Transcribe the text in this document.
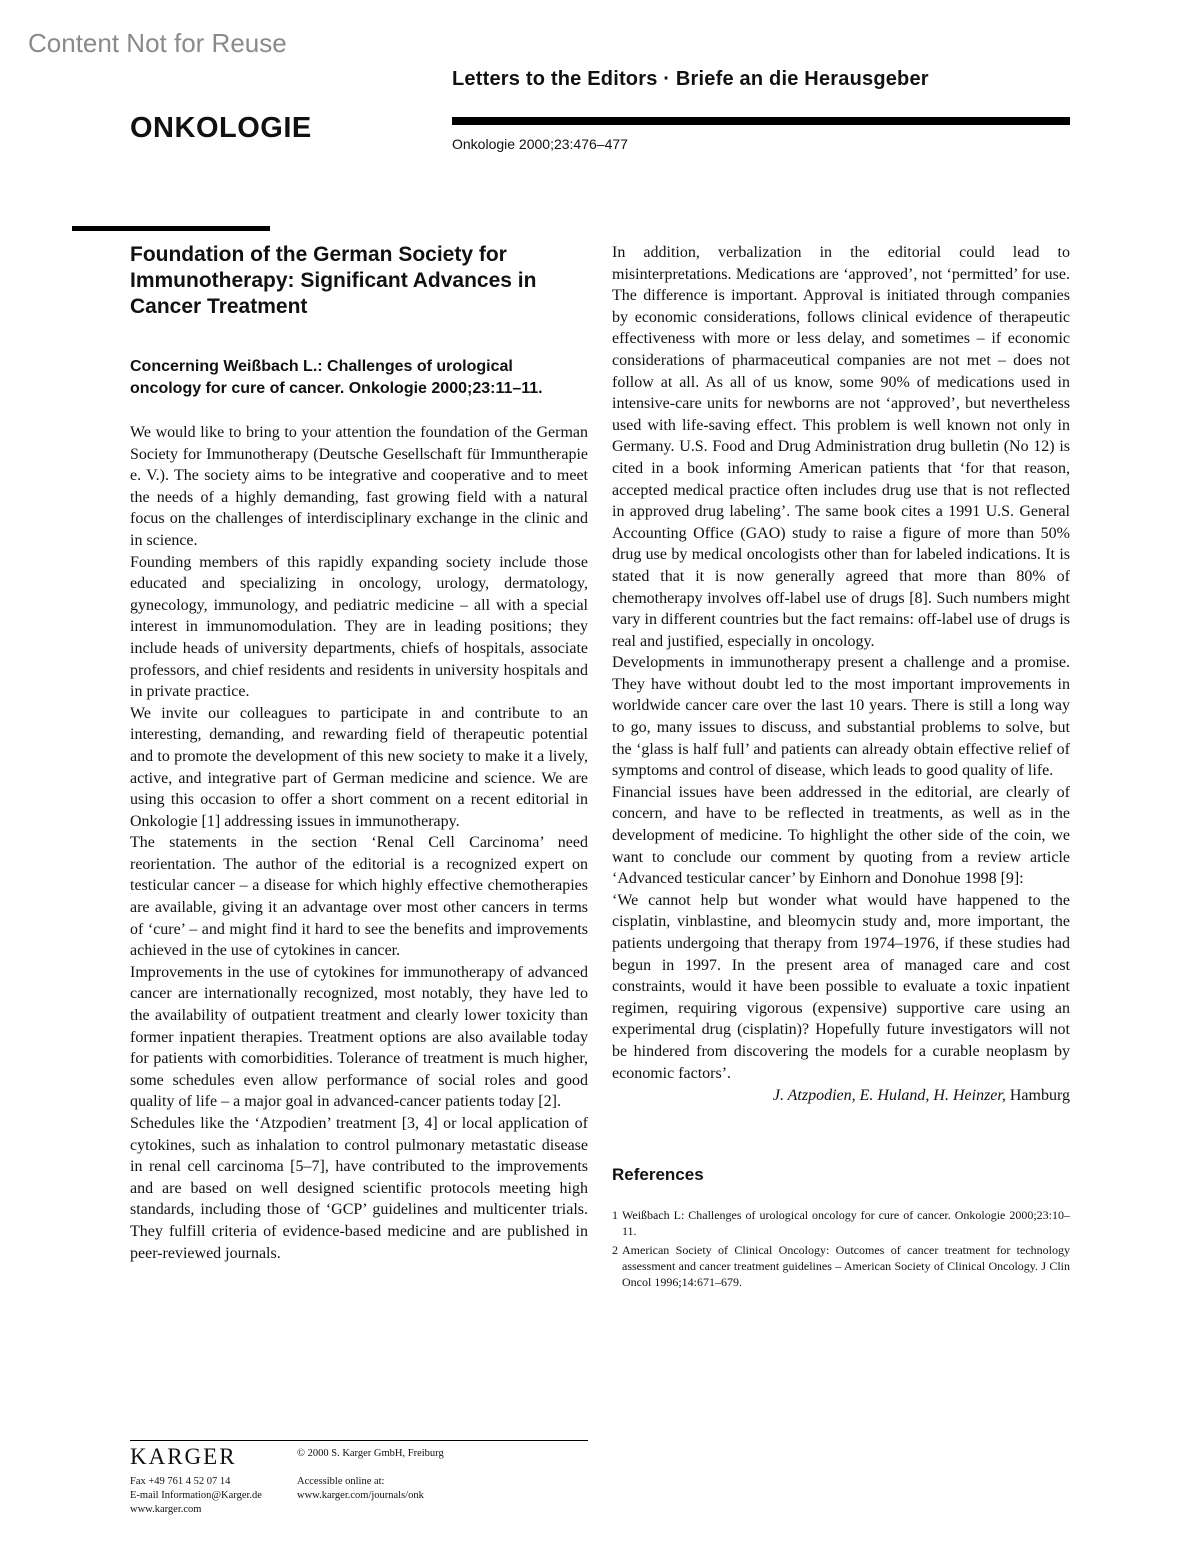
Content Not for Reuse
Letters to the Editors · Briefe an die Herausgeber
ONKOLOGIE	Onkologie 2000;23:476–477
Foundation of the German Society for Immunotherapy: Significant Advances in Cancer Treatment

Concerning Weißbach L.: Challenges of urological oncology for cure of cancer. Onkologie 2000;23:11–11.

We would like to bring to your attention the foundation of the German Society for Immunotherapy (Deutsche Gesellschaft für Immuntherapie e. V.). The society aims to be integrative and cooperative and to meet the needs of a highly demanding, fast growing field with a natural focus on the challenges of interdisciplinary exchange in the clinic and in science.

Founding members of this rapidly expanding society include those educated and specializing in oncology, urology, dermatology, gynecology, immunology, and pediatric medicine – all with a special interest in immunomodulation. They are in leading positions; they include heads of university departments, chiefs of hospitals, associate professors, and chief residents and residents in university hospitals and in private practice.

We invite our colleagues to participate in and contribute to an interesting, demanding, and rewarding field of therapeutic potential and to promote the development of this new society to make it a lively, active, and integrative part of German medicine and science. We are using this occasion to offer a short comment on a recent editorial in Onkologie [1] addressing issues in immunotherapy.

The statements in the section ‘Renal Cell Carcinoma’ need reorientation. The author of the editorial is a recognized expert on testicular cancer – a disease for which highly effective chemotherapies are available, giving it an advantage over most other cancers in terms of ‘cure’ – and might find it hard to see the benefits and improvements achieved in the use of cytokines in cancer.

Improvements in the use of cytokines for immunotherapy of advanced cancer are internationally recognized, most notably, they have led to the availability of outpatient treatment and clearly lower toxicity than former inpatient therapies. Treatment options are also available today for patients with comorbidities. Tolerance of treatment is much higher, some schedules even allow performance of social roles and good quality of life – a major goal in advanced-cancer patients today [2].

Schedules like the ‘Atzpodien’ treatment [3, 4] or local application of cytokines, such as inhalation to control pulmonary metastatic disease in renal cell carcinoma [5–7], have contributed to the improvements and are based on well designed scientific protocols meeting high standards, including those of ‘GCP’ guidelines and multicenter trials. They fulfill criteria of evidence-based medicine and are published in peer-reviewed journals.

In addition, verbalization in the editorial could lead to misinterpretations. Medications are ‘approved’, not ‘permitted’ for use. The difference is important. Approval is initiated through companies by economic considerations, follows clinical evidence of therapeutic effectiveness with more or less delay, and sometimes – if economic considerations of pharmaceutical companies are not met – does not follow at all. As all of us know, some 90% of medications used in intensive-care units for newborns are not ‘approved’, but nevertheless used with life-saving effect. This problem is well known not only in Germany. U.S. Food and Drug Administration drug bulletin (No 12) is cited in a book informing American patients that ‘for that reason, accepted medical practice often includes drug use that is not reflected in approved drug labeling’. The same book cites a 1991 U.S. General Accounting Office (GAO) study to raise a figure of more than 50% drug use by medical oncologists other than for labeled indications. It is stated that it is now generally agreed that more than 80% of chemotherapy involves off-label use of drugs [8]. Such numbers might vary in different countries but the fact remains: off-label use of drugs is real and justified, especially in oncology.

Developments in immunotherapy present a challenge and a promise. They have without doubt led to the most important improvements in worldwide cancer care over the last 10 years. There is still a long way to go, many issues to discuss, and substantial problems to solve, but the ‘glass is half full’ and patients can already obtain effective relief of symptoms and control of disease, which leads to good quality of life.

Financial issues have been addressed in the editorial, are clearly of concern, and have to be reflected in treatments, as well as in the development of medicine. To highlight the other side of the coin, we want to conclude our comment by quoting from a review article ‘Advanced testicular cancer’ by Einhorn and Donohue 1998 [9]:

‘We cannot help but wonder what would have happened to the cisplatin, vinblastine, and bleomycin study and, more important, the patients undergoing that therapy from 1974–1976, if these studies had begun in 1997. In the present area of managed care and cost constraints, would it have been possible to evaluate a toxic inpatient regimen, requiring vigorous (expensive) supportive care using an experimental drug (cisplatin)? Hopefully future investigators will not be hindered from discovering the models for a curable neoplasm by economic factors’.

J. Atzpodien, E. Huland, H. Heinzer, Hamburg
References
1 Weißbach L: Challenges of urological oncology for cure of cancer. Onkologie 2000;23:10–11.
2 American Society of Clinical Oncology: Outcomes of cancer treatment for technology assessment and cancer treatment guidelines – American Society of Clinical Oncology. J Clin Oncol 1996;14:671–679.
KARGER	© 2000 S. Karger GmbH, Freiburg
Fax +49 761 4 52 07 14
E-mail Information@Karger.de
www.karger.com
Accessible online at:
www.karger.com/journals/onk
